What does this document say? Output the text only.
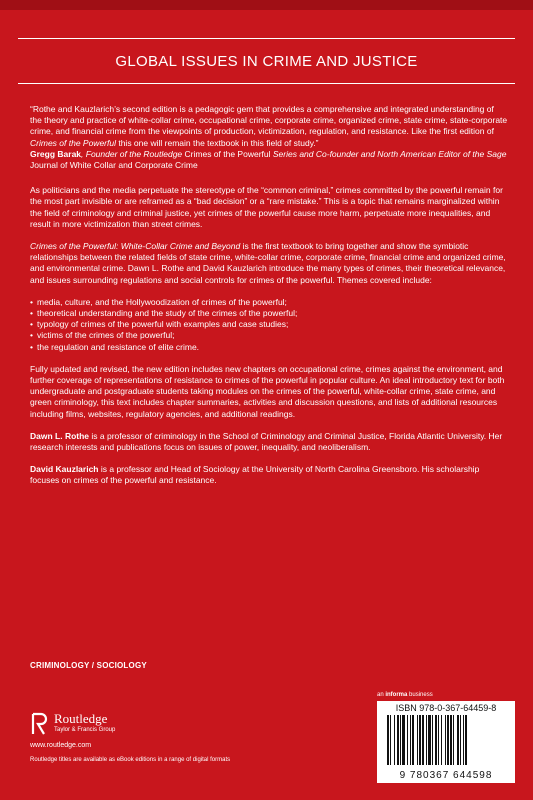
GLOBAL ISSUES IN CRIME AND JUSTICE

“Rothe and Kauzlarich’s second edition is a pedagogic gem that provides a comprehensive and integrated understanding of the theory and practice of white-collar crime, occupational crime, corporate crime, organized crime, state crime, state-corporate crime, and financial crime from the viewpoints of production, victimization, regulation, and resistance. Like the first edition of Crimes of the Powerful this one will remain the textbook in this field of study.”
Gregg Barak, Founder of the Routledge Crimes of the Powerful Series and Co-founder and North American Editor of the Sage Journal of White Collar and Corporate Crime

As politicians and the media perpetuate the stereotype of the “common criminal,” crimes committed by the powerful remain for the most part invisible or are reframed as a “bad decision” or a “rare mistake.” This is a topic that remains marginalized within the field of criminology and criminal justice, yet crimes of the powerful cause more harm, perpetuate more inequalities, and result in more victimization than street crimes.

Crimes of the Powerful: White-Collar Crime and Beyond is the first textbook to bring together and show the symbiotic relationships between the related fields of state crime, white-collar crime, corporate crime, financial crime and organized crime, and environmental crime. Dawn L. Rothe and David Kauzlarich introduce the many types of crimes, their theoretical relevance, and issues surrounding regulations and social controls for crimes of the powerful. Themes covered include:

• media, culture, and the Hollywoodization of crimes of the powerful;
• theoretical understanding and the study of the crimes of the powerful;
• typology of crimes of the powerful with examples and case studies;
• victims of the crimes of the powerful;
• the regulation and resistance of elite crime.

Fully updated and revised, the new edition includes new chapters on occupational crime, crimes against the environment, and further coverage of representations of resistance to crimes of the powerful in popular culture. An ideal introductory text for both undergraduate and postgraduate students taking modules on the crimes of the powerful, white-collar crime, state crime, and green criminology, this text includes chapter summaries, activities and discussion questions, and lists of additional resources including films, websites, regulatory agencies, and additional readings.

Dawn L. Rothe is a professor of criminology in the School of Criminology and Criminal Justice, Florida Atlantic University. Her research interests and publications focus on issues of power, inequality, and neoliberalism.

David Kauzlarich is a professor and Head of Sociology at the University of North Carolina Greensboro. His scholarship focuses on crimes of the powerful and resistance.

CRIMINOLOGY / SOCIOLOGY
Routledge
Taylor & Francis Group
www.routledge.com
Routledge titles are available as eBook editions in a range of digital formats
an informa business
ISBN 978-0-367-64459-8
9 780367 644598
